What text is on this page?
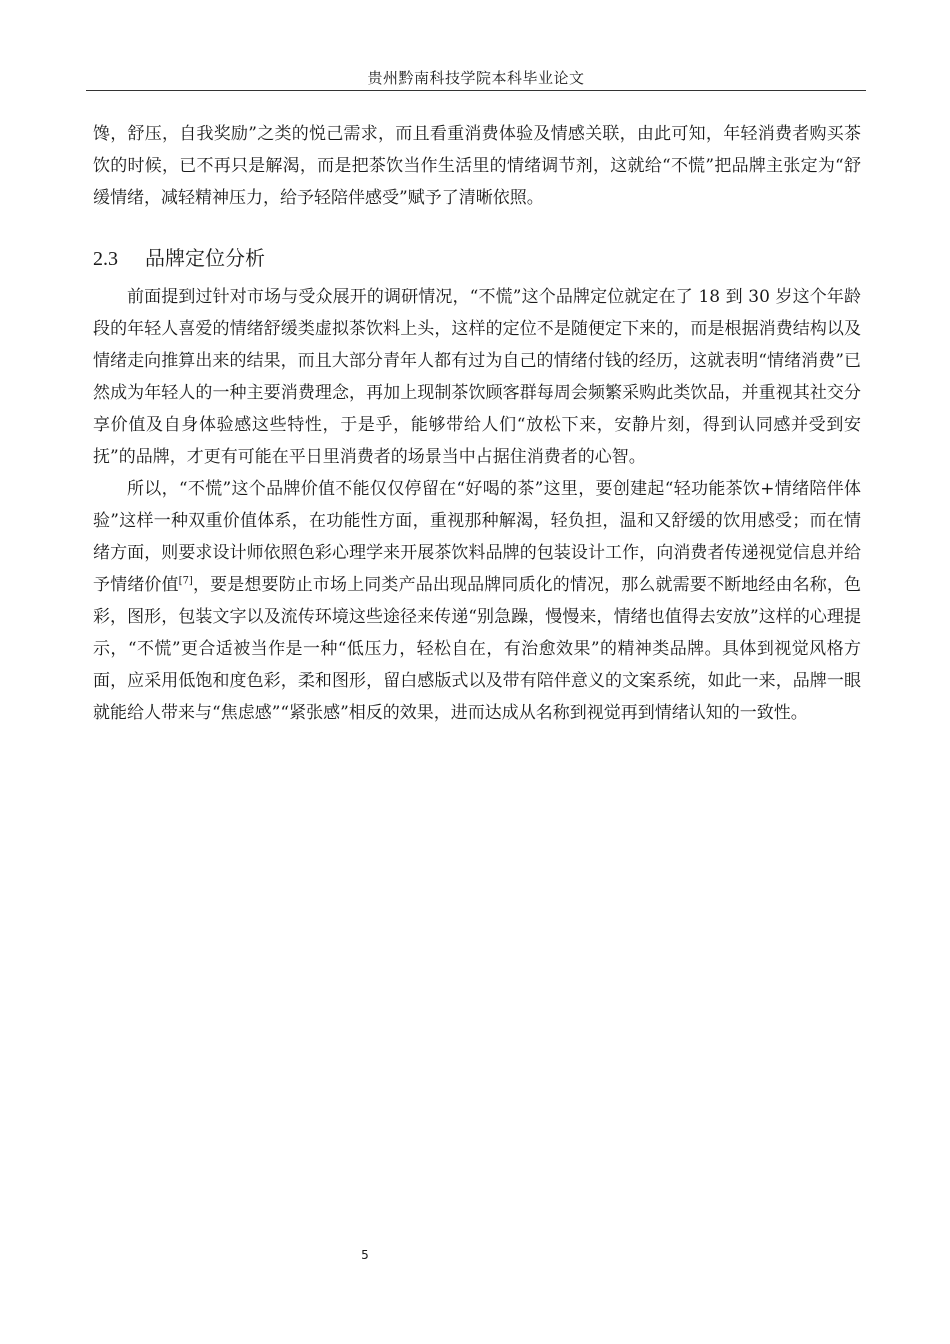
贵州黔南科技学院本科毕业论文

馋，舒压，自我奖励”之类的悦己需求，而且看重消费体验及情感关联，由此可知，年轻消费者购买茶饮的时候，已不再只是解渴，而是把茶饮当作生活里的情绪调节剂，这就给“不慌”把品牌主张定为“舒缓情绪，减轻精神压力，给予轻陪伴感受”赋予了清晰依照。

2.3 品牌定位分析

前面提到过针对市场与受众展开的调研情况，“不慌”这个品牌定位就定在了 18 到 30 岁这个年龄段的年轻人喜爱的情绪舒缓类虚拟茶饮料上头，这样的定位不是随便定下来的，而是根据消费结构以及情绪走向推算出来的结果，而且大部分青年人都有过为自己的情绪付钱的经历，这就表明“情绪消费”已然成为年轻人的一种主要消费理念，再加上现制茶饮顾客群每周会频繁采购此类饮品，并重视其社交分享价值及自身体验感这些特性，于是乎，能够带给人们“放松下来，安静片刻，得到认同感并受到安抚”的品牌，才更有可能在平日里消费者的场景当中占据住消费者的心智。

所以，“不慌”这个品牌价值不能仅仅停留在“好喝的茶”这里，要创建起“轻功能茶饮+情绪陪伴体验”这样一种双重价值体系，在功能性方面，重视那种解渴，轻负担，温和又舒缓的饮用感受；而在情绪方面，则要求设计师依照色彩心理学来开展茶饮料品牌的包装设计工作，向消费者传递视觉信息并给予情绪价值[7]，要是想要防止市场上同类产品出现品牌同质化的情况，那么就需要不断地经由名称，色彩，图形，包装文字以及流传环境这些途径来传递“别急躁，慢慢来，情绪也值得去安放”这样的心理提示，“不慌”更合适被当作是一种“低压力，轻松自在，有治愈效果”的精神类品牌。具体到视觉风格方面，应采用低饱和度色彩，柔和图形，留白感版式以及带有陪伴意义的文案系统，如此一来，品牌一眼就能给人带来与“焦虑感”“紧张感”相反的效果，进而达成从名称到视觉再到情绪认知的一致性。

5
